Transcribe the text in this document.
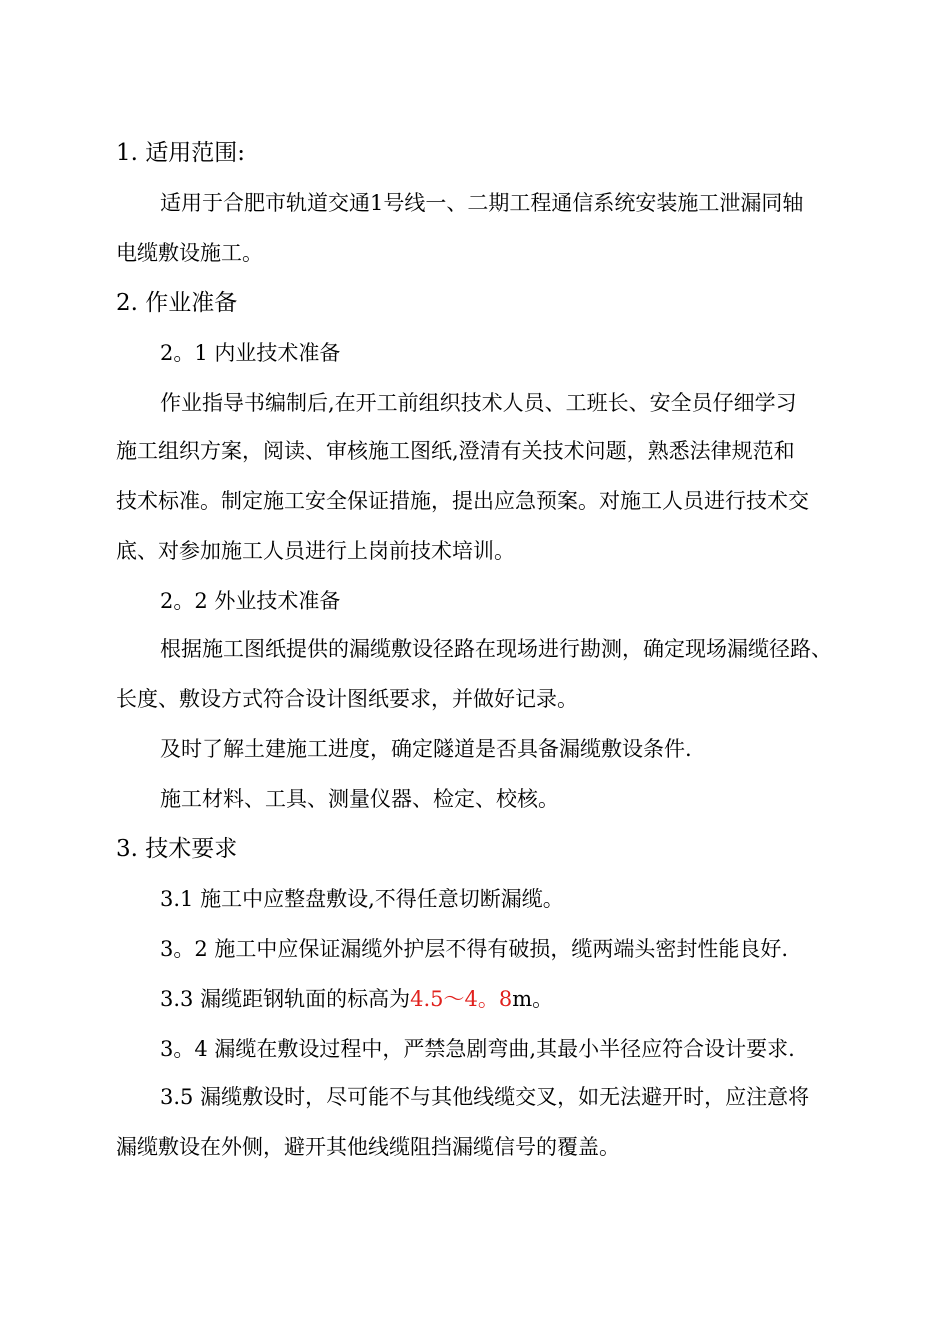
1. 适用范围:
适用于合肥市轨道交通1号线一、二期工程通信系统安装施工泄漏同轴
电缆敷设施工。
2. 作业准备
2。1 内业技术准备
作业指导书编制后,在开工前组织技术人员、工班长、安全员仔细学习
施工组织方案，阅读、审核施工图纸,澄清有关技术问题，熟悉法律规范和
技术标准。制定施工安全保证措施，提出应急预案。对施工人员进行技术交
底、对参加施工人员进行上岗前技术培训。
2。2 外业技术准备
根据施工图纸提供的漏缆敷设径路在现场进行勘测，确定现场漏缆径路、
长度、敷设方式符合设计图纸要求，并做好记录。
及时了解土建施工进度，确定隧道是否具备漏缆敷设条件.
施工材料、工具、测量仪器、检定、校核。
3. 技术要求
3.1 施工中应整盘敷设,不得任意切断漏缆。
3。2 施工中应保证漏缆外护层不得有破损，缆两端头密封性能良好.
3.3 漏缆距钢轨面的标高为4.5～4。8m。
3。4 漏缆在敷设过程中，严禁急剧弯曲,其最小半径应符合设计要求.
3.5 漏缆敷设时，尽可能不与其他线缆交叉，如无法避开时，应注意将
漏缆敷设在外侧，避开其他线缆阻挡漏缆信号的覆盖。
